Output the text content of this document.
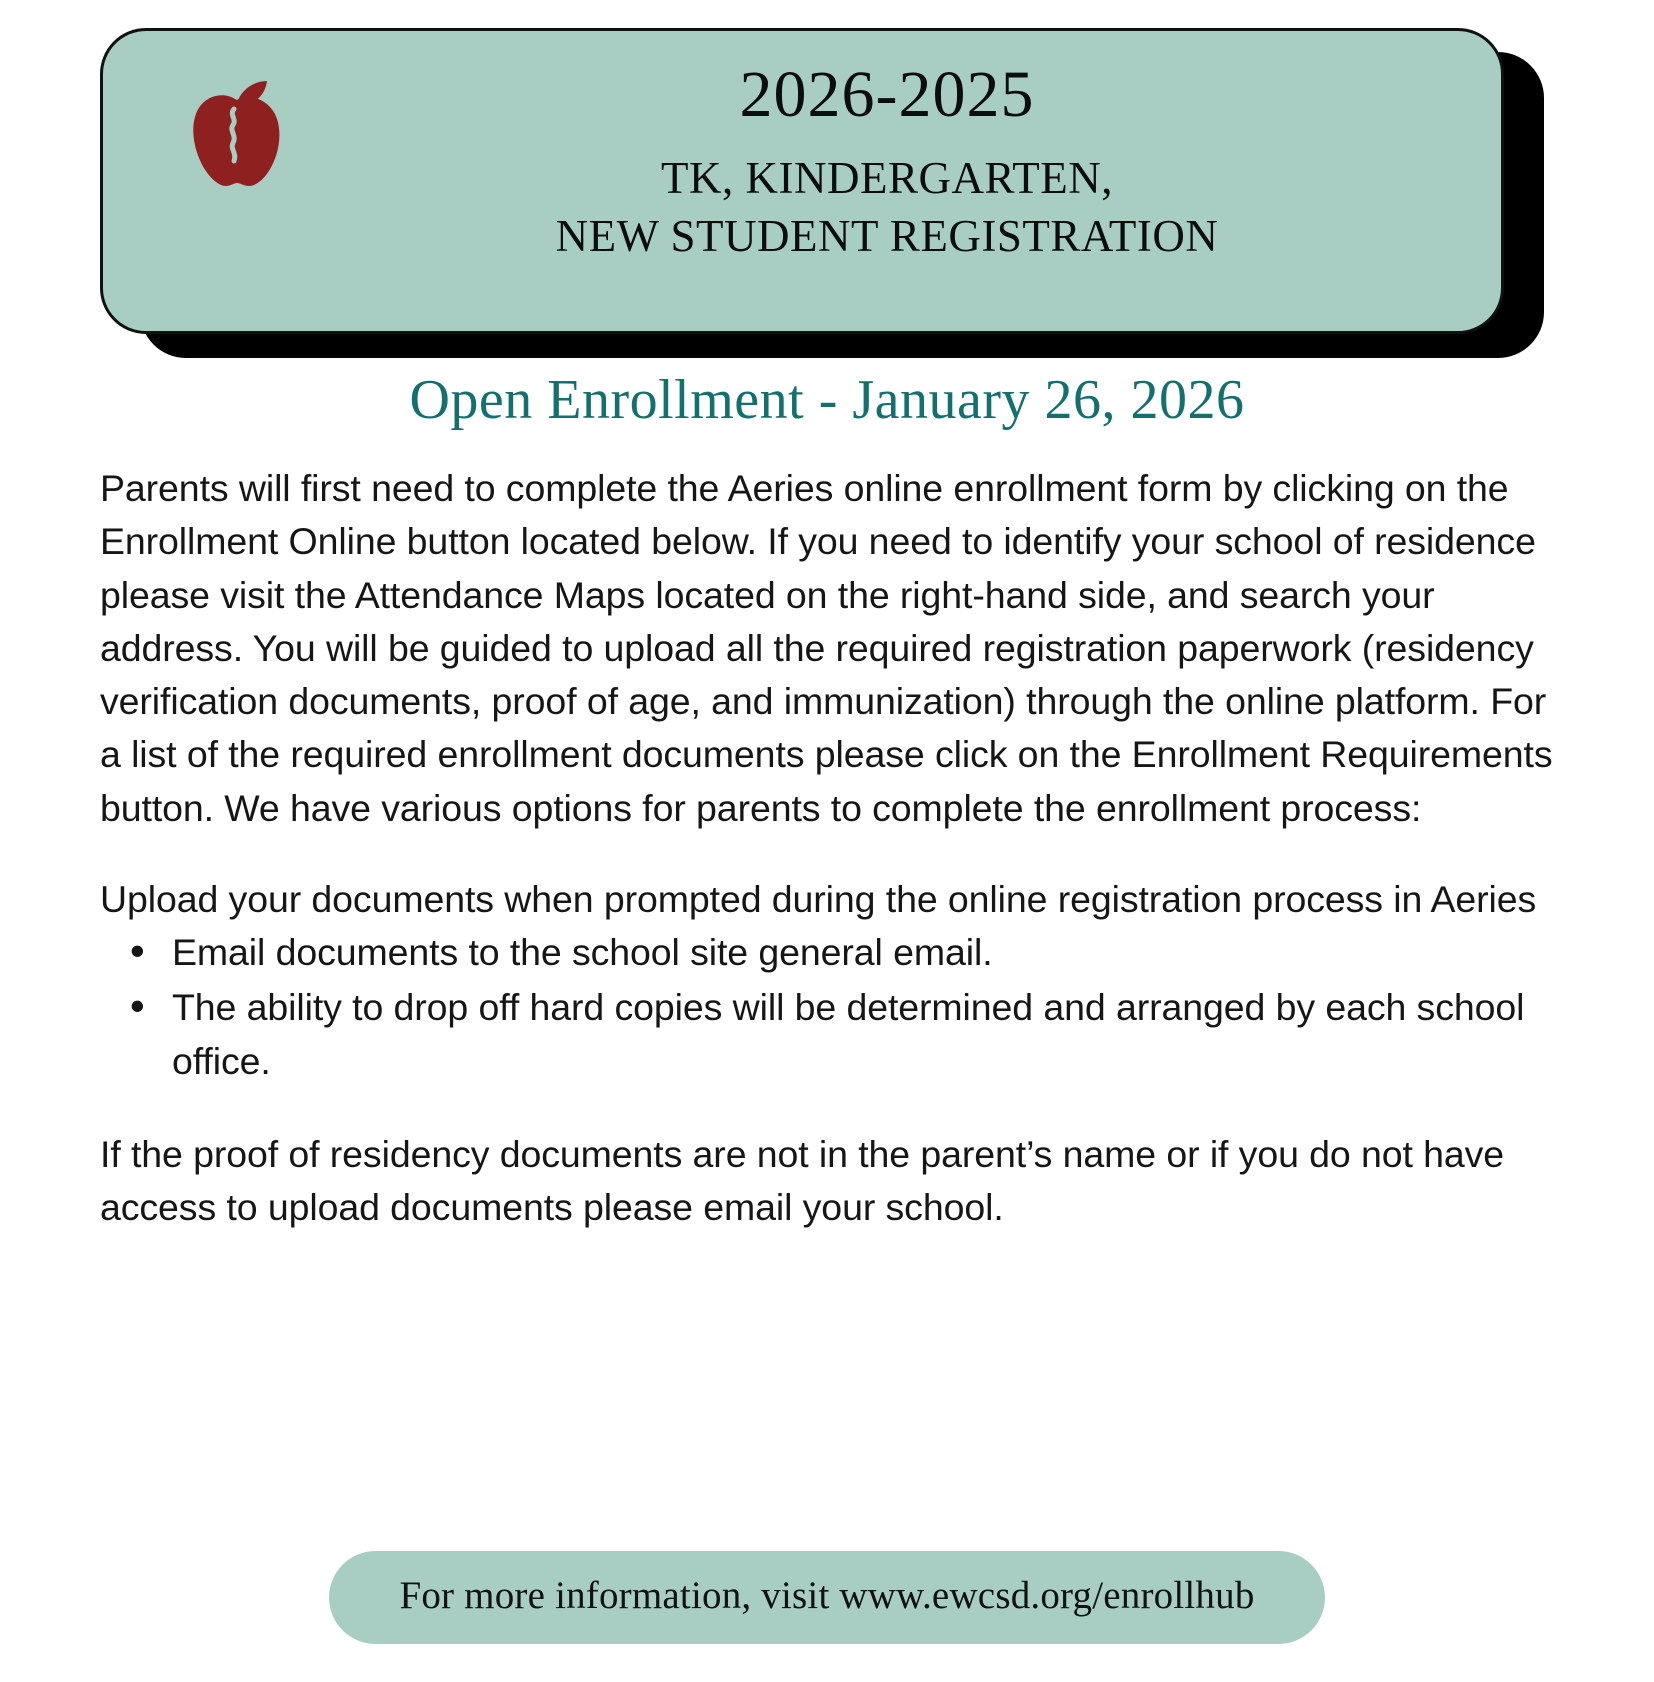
2026-2025
TK, KINDERGARTEN,
NEW STUDENT REGISTRATION
Open Enrollment - January 26, 2026

Parents will first need to complete the Aeries online enrollment form by clicking on the Enrollment Online button located below. If you need to identify your school of residence please visit the Attendance Maps located on the right-hand side, and search your address. You will be guided to upload all the required registration paperwork (residency verification documents, proof of age, and immunization) through the online platform. For a list of the required enrollment documents please click on the Enrollment Requirements button. We have various options for parents to complete the enrollment process:

Upload your documents when prompted during the online registration process in Aeries

• Email documents to the school site general email.
• The ability to drop off hard copies will be determined and arranged by each school office.

If the proof of residency documents are not in the parent’s name or if you do not have access to upload documents please email your school.

For more information, visit www.ewcsd.org/enrollhub
